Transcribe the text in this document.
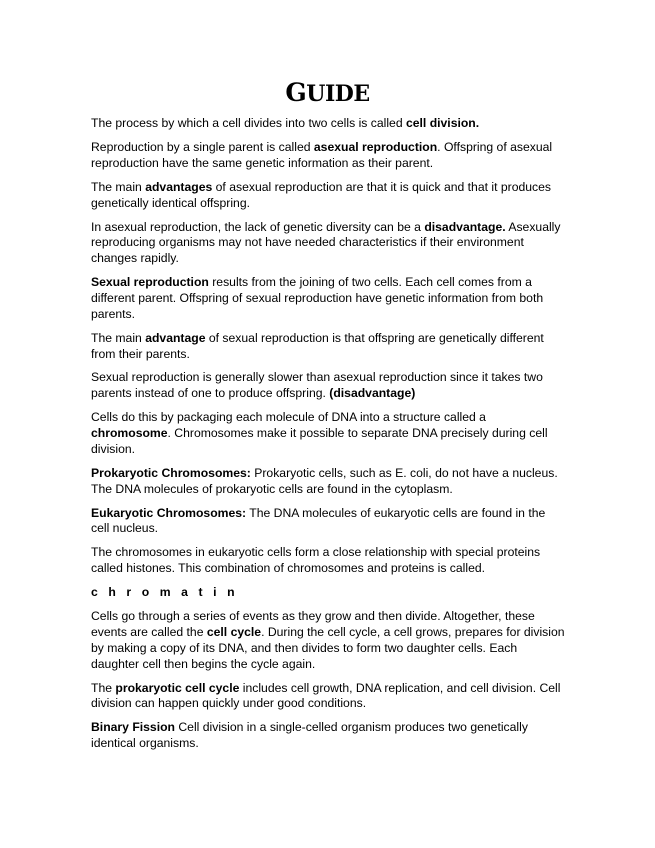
GUIDE

The process by which a cell divides into two cells is called cell division.

Reproduction by a single parent is called asexual reproduction. Offspring of asexual reproduction have the same genetic information as their parent.

The main advantages of asexual reproduction are that it is quick and that it produces genetically identical offspring.

In asexual reproduction, the lack of genetic diversity can be a disadvantage. Asexually reproducing organisms may not have needed characteristics if their environment changes rapidly.

Sexual reproduction results from the joining of two cells. Each cell comes from a different parent. Offspring of sexual reproduction have genetic information from both parents.

The main advantage of sexual reproduction is that offspring are genetically different from their parents.

Sexual reproduction is generally slower than asexual reproduction since it takes two parents instead of one to produce offspring. (disadvantage)

Cells do this by packaging each molecule of DNA into a structure called a chromosome. Chromosomes make it possible to separate DNA precisely during cell division.

Prokaryotic Chromosomes: Prokaryotic cells, such as E. coli, do not have a nucleus. The DNA molecules of prokaryotic cells are found in the cytoplasm.

Eukaryotic Chromosomes: The DNA molecules of eukaryotic cells are found in the cell nucleus.

The chromosomes in eukaryotic cells form a close relationship with special proteins called histones. This combination of chromosomes and proteins is called.

c h r o m a t i n

Cells go through a series of events as they grow and then divide. Altogether, these events are called the cell cycle. During the cell cycle, a cell grows, prepares for division by making a copy of its DNA, and then divides to form two daughter cells. Each daughter cell then begins the cycle again.

The prokaryotic cell cycle includes cell growth, DNA replication, and cell division. Cell division can happen quickly under good conditions.

Binary Fission Cell division in a single-celled organism produces two genetically identical organisms.
